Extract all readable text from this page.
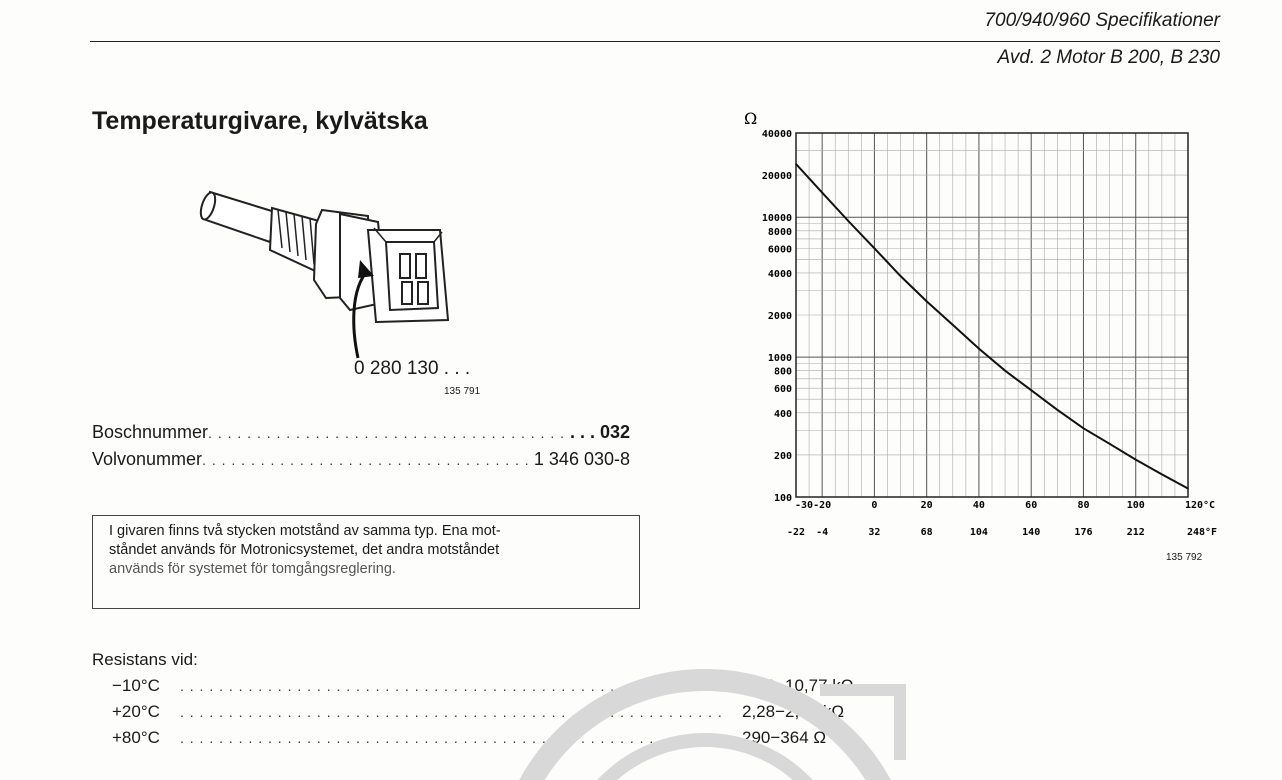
700/940/960 Specifikationer
Avd. 2 Motor B 200, B 230
Temperaturgivare, kylvätska
0 280 130 . . .
135 791
Boschnummer . . .	. . . 032
Volvonummer . . .	1 346 030-8
I givaren finns två stycken motstånd av samma typ. Ena mot-
ståndet används för Motronicsystemet, det andra motståndet
används för systemet för tomgångsreglering.
Resistans vid:
−10°C . . .	8,10−10,77 kΩ
+20°C . . .	2,28−2,72 kΩ
+80°C . . .	290−364 Ω
Ω
40000
20000
10000
8000
6000
4000
2000
1000
800
600
400
200
100
-30 -20	0	20	40	60	80	100	120°C
-22 -4	32	68	104	140	176	212	248°F
135 792
